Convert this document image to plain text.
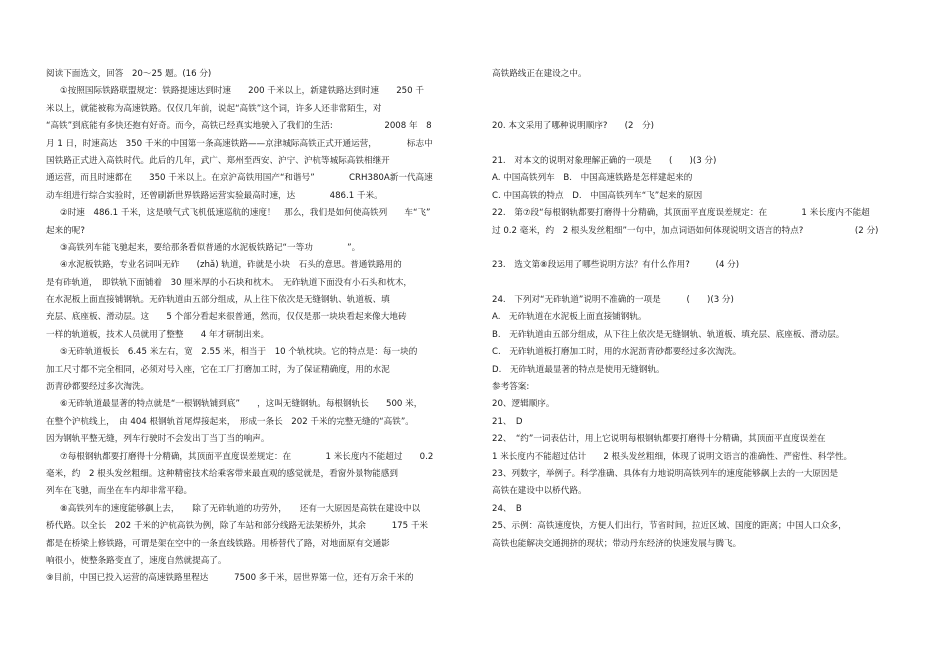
阅读下面选文，回答　20～25 题。(16 分)
①按照国际铁路联盟规定：铁路提速达到时速　　200 千米以上，新建铁路达到时速　　250 千
米以上，就能被称为高速铁路。仅仅几年前，说起“高铁”这个词，许多人还非常陌生，对
“高铁”到底能有多快还抱有好奇。而今，高铁已经真实地驶入了我们的生活:　　　　　　2008 年　8
月 1 日，时速高达　350 千米的中国第一条高速铁路——京津城际高铁正式开通运营，　　　　标志中
国铁路正式进入高铁时代。此后的几年，武广、郑州至西安、沪宁、沪杭等城际高铁相继开
通运营，而且时速都在　　350 千米以上。在京沪高铁用国产“和谐号”　　　　CRH380A新一代高速
动车组进行综合实验时，还曾刷新世界铁路运营实验最高时速，达　　　　486.1 千米。
②时速　486.1 千米，这是喷气式飞机低速巡航的速度！　那么，我们是如何使高铁列　　车“飞”
起来的呢?
③高铁列车能飞驰起来，要给那条看似普通的水泥板铁路记“一等功　　　　”。
④水泥板铁路，专业名词叫无砟　　(zhǎ) 轨道，砟就是小块　石头的意思。普通铁路用的
是有砟轨道，　即铁轨下面铺着　30 厘米厚的小石块和枕木。　无砟轨道下面没有小石头和枕木，
在水泥板上面直接铺钢轨。无砟轨道由五部分组成，从上往下依次是无缝钢轨、轨道板、填
充层、底座板、滑动层。这　　5 个部分看起来很普通，然而，仅仅是那一块块看起来像大地砖
一样的轨道板，技术人员就用了整整　　4 年才研制出来。
⑤无砟轨道板长　6.45 米左右，宽　2.55 米，相当于　10 个轨枕块。它的特点是：每一块的
加工尺寸都不完全相同，必须对号入座，它在工厂打磨加工时，为了保证精确度，用的水泥
沥青砂都要经过多次淘洗。
⑥无砟轨道最显著的特点就是“一根钢轨铺到底”　　，这叫无缝钢轨。每根钢轨长　　500 米，
在整个沪杭线上，　由 404 根钢轨首尾焊接起来，　形成一条长　202 千米的完整无缝的“高铁”。
因为钢轨平整无缝，列车行驶时不会发出丁当丁当的响声。
⑦每根钢轨都要打磨得十分精确，其顶面平直度误差规定：在　　　　1 米长度内不能超过　　0.2
毫米，约　2 根头发丝粗细。这种精密技术给乘客带来最直观的感觉就是，看窗外景物能感到
列车在飞驰，而坐在车内却非常平稳。
⑧高铁列车的速度能够飙上去，　　除了无砟轨道的功劳外，　　还有一大原因是高铁在建设中以
桥代路。以全长　202 千米的沪杭高铁为例，除了车站和部分线路无法架桥外，其余　　　175 千米
都是在桥梁上修铁路，可谓是架在空中的一条直线铁路。用桥替代了路，对地面原有交通影
响很小，使整条路变直了，速度自然就提高了。
⑨目前，中国已投入运营的高速铁路里程达　　　7500 多千米，居世界第一位，还有万余千米的
高铁路线正在建设之中。
20. 本文采用了哪种说明顺序?　　(2　分)
21.　对本文的说明对象理解正确的一项是　　(　　)(3 分)
A. 中国高铁列车　B.　中国高速铁路是怎样建起来的
C. 中国高铁的特点　D.　中国高铁列车“飞”起来的原因
22.　第⑦段“每根钢轨都要打磨得十分精确，其顶面平直度误差规定：在　　　　1 米长度内不能超
过 0.2 毫米，约　2 根头发丝粗细”一句中，加点词语如何体现说明文语言的特点?　　　　　　(2 分)
23.　选文第⑧段运用了哪些说明方法？有什么作用?　　　(4 分)
24.　下列对“无砟轨道”说明不准确的一项是　　　(　　)(3 分)
A.　无砟轨道在水泥板上面直接铺钢轨。
B.　无砟轨道由五部分组成，从下往上依次是无缝钢轨、轨道板、填充层、底座板、滑动层。
C.　无砟轨道板打磨加工时，用的水泥沥青砂都要经过多次淘洗。
D.　无砟轨道最显著的特点是使用无缝钢轨。
参考答案:
20、逻辑顺序。
21、　D
22、　“约”一词表估计，用上它说明每根钢轨都要打磨得十分精确，其顶面平直度误差在
1 米长度内不能超过估计　　2 根头发丝粗细，体现了说明文语言的准确性、严密性、科学性。
23、列数字，举例子。科学准确、具体有力地说明高铁列车的速度能够飙上去的一大原因是
高铁在建设中以桥代路。
24、　B
25、示例：高铁速度快，方便人们出行，节省时间，拉近区域、国度的距离；中国人口众多，
高铁也能解决交通拥挤的现状；带动丹东经济的快速发展与腾飞。
